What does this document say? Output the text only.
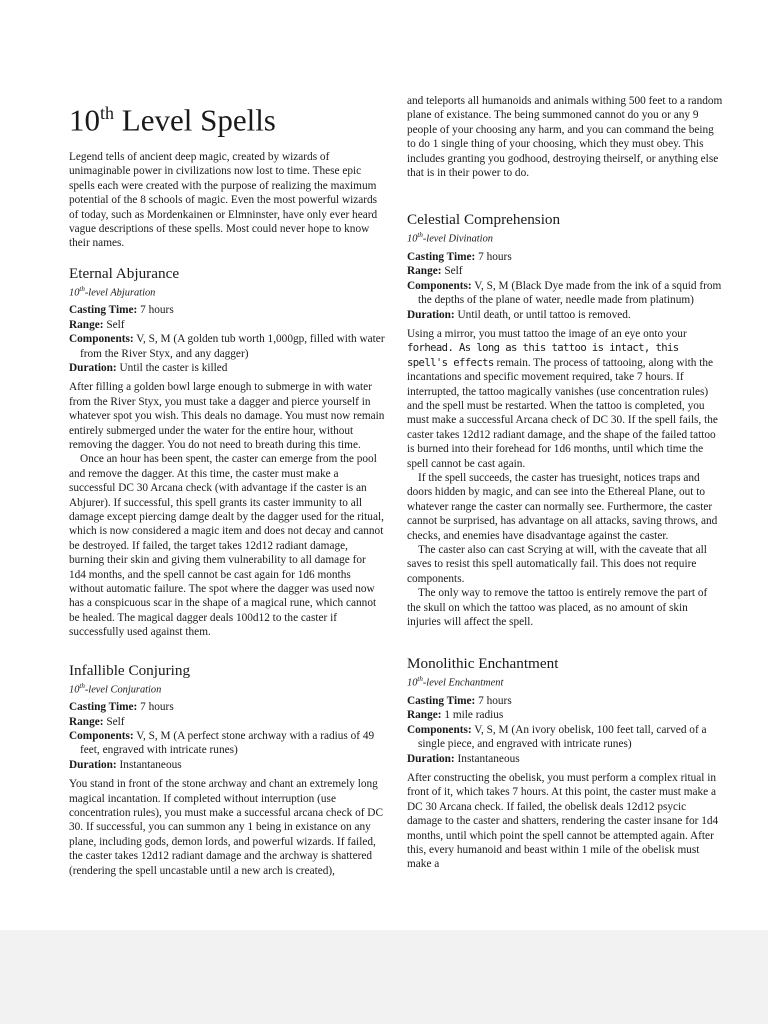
10th Level Spells

Legend tells of ancient deep magic, created by wizards of unimaginable power in civilizations now lost to time. These epic spells each were created with the purpose of realizing the maximum potential of the 8 schools of magic. Even the most powerful wizards of today, such as Mordenkainen or Elmninster, have only ever heard vague descriptions of these spells. Most could never hope to know their names.

Eternal Abjurance
10th-level Abjuration

Casting Time: 7 hours

Range: Self

Components: V, S, M (A golden tub worth 1,000gp, filled with water from the River Styx, and any dagger)

Duration: Until the caster is killed

After filling a golden bowl large enough to submerge in with water from the River Styx, you must take a dagger and pierce yourself in whatever spot you wish. This deals no damage. You must now remain entirely submerged under the water for the entire hour, without removing the dagger. You do not need to breath during this time.

Once an hour has been spent, the caster can emerge from the pool and remove the dagger. At this time, the caster must make a successful DC 30 Arcana check (with advantage if the caster is an Abjurer). If successful, this spell grants its caster immunity to all damage except piercing damge dealt by the dagger used for the ritual, which is now considered a magic item and does not decay and cannot be destroyed. If failed, the target takes 12d12 radiant damage, burning their skin and giving them vulnerability to all damage for 1d4 months, and the spell cannot be cast again for 1d6 months without automatic failure. The spot where the dagger was used now has a conspicuous scar in the shape of a magical rune, which cannot be healed. The magical dagger deals 100d12 to the caster if successfully used against them.

Infallible Conjuring
10th-level Conjuration

Casting Time: 7 hours

Range: Self

Components: V, S, M (A perfect stone archway with a radius of 49 feet, engraved with intricate runes)

Duration: Instantaneous

You stand in front of the stone archway and chant an extremely long magical incantation. If completed without interruption (use concentration rules), you must make a successful arcana check of DC 30. If successful, you can summon any 1 being in existance on any plane, including gods, demon lords, and powerful wizards. If failed, the caster takes 12d12 radiant damage and the archway is shattered (rendering the spell uncastable until a new arch is created),

and teleports all humanoids and animals withing 500 feet to a random plane of existance. The being summoned cannot do you or any 9 people of your choosing any harm, and you can command the being to do 1 single thing of your choosing, which they must obey. This includes granting you godhood, destroying theirself, or anything else that is in their power to do.

Celestial Comprehension
10th-level Divination

Casting Time: 7 hours

Range: Self

Components: V, S, M (Black Dye made from the ink of a squid from the depths of the plane of water, needle made from platinum)

Duration: Until death, or until tattoo is removed.

Using a mirror, you must tattoo the image of an eye onto your forhead. As long as this tattoo is intact, this spell's effects remain. The process of tattooing, along with the incantations and specific movement required, take 7 hours. If interrupted, the tattoo magically vanishes (use concentration rules) and the spell must be restarted. When the tattoo is completed, you must make a successful Arcana check of DC 30. If the spell fails, the caster takes 12d12 radiant damage, and the shape of the failed tattoo is burned into their forehead for 1d6 months, until which time the spell cannot be cast again.

If the spell succeeds, the caster has truesight, notices traps and doors hidden by magic, and can see into the Ethereal Plane, out to whatever range the caster can normally see. Furthermore, the caster cannot be surprised, has advantage on all attacks, saving throws, and checks, and enemies have disadvantage against the caster.

The caster also can cast Scrying at will, with the caveate that all saves to resist this spell automatically fail. This does not require components.

The only way to remove the tattoo is entirely remove the part of the skull on which the tattoo was placed, as no amount of skin injuries will affect the spell.

Monolithic Enchantment
10th-level Enchantment

Casting Time: 7 hours

Range: 1 mile radius

Components: V, S, M (An ivory obelisk, 100 feet tall, carved of a single piece, and engraved with intricate runes)

Duration: Instantaneous

After constructing the obelisk, you must perform a complex ritual in front of it, which takes 7 hours. At this point, the caster must make a DC 30 Arcana check. If failed, the obelisk deals 12d12 psycic damage to the caster and shatters, rendering the caster insane for 1d4 months, until which point the spell cannot be attempted again. After this, every humanoid and beast within 1 mile of the obelisk must make a
